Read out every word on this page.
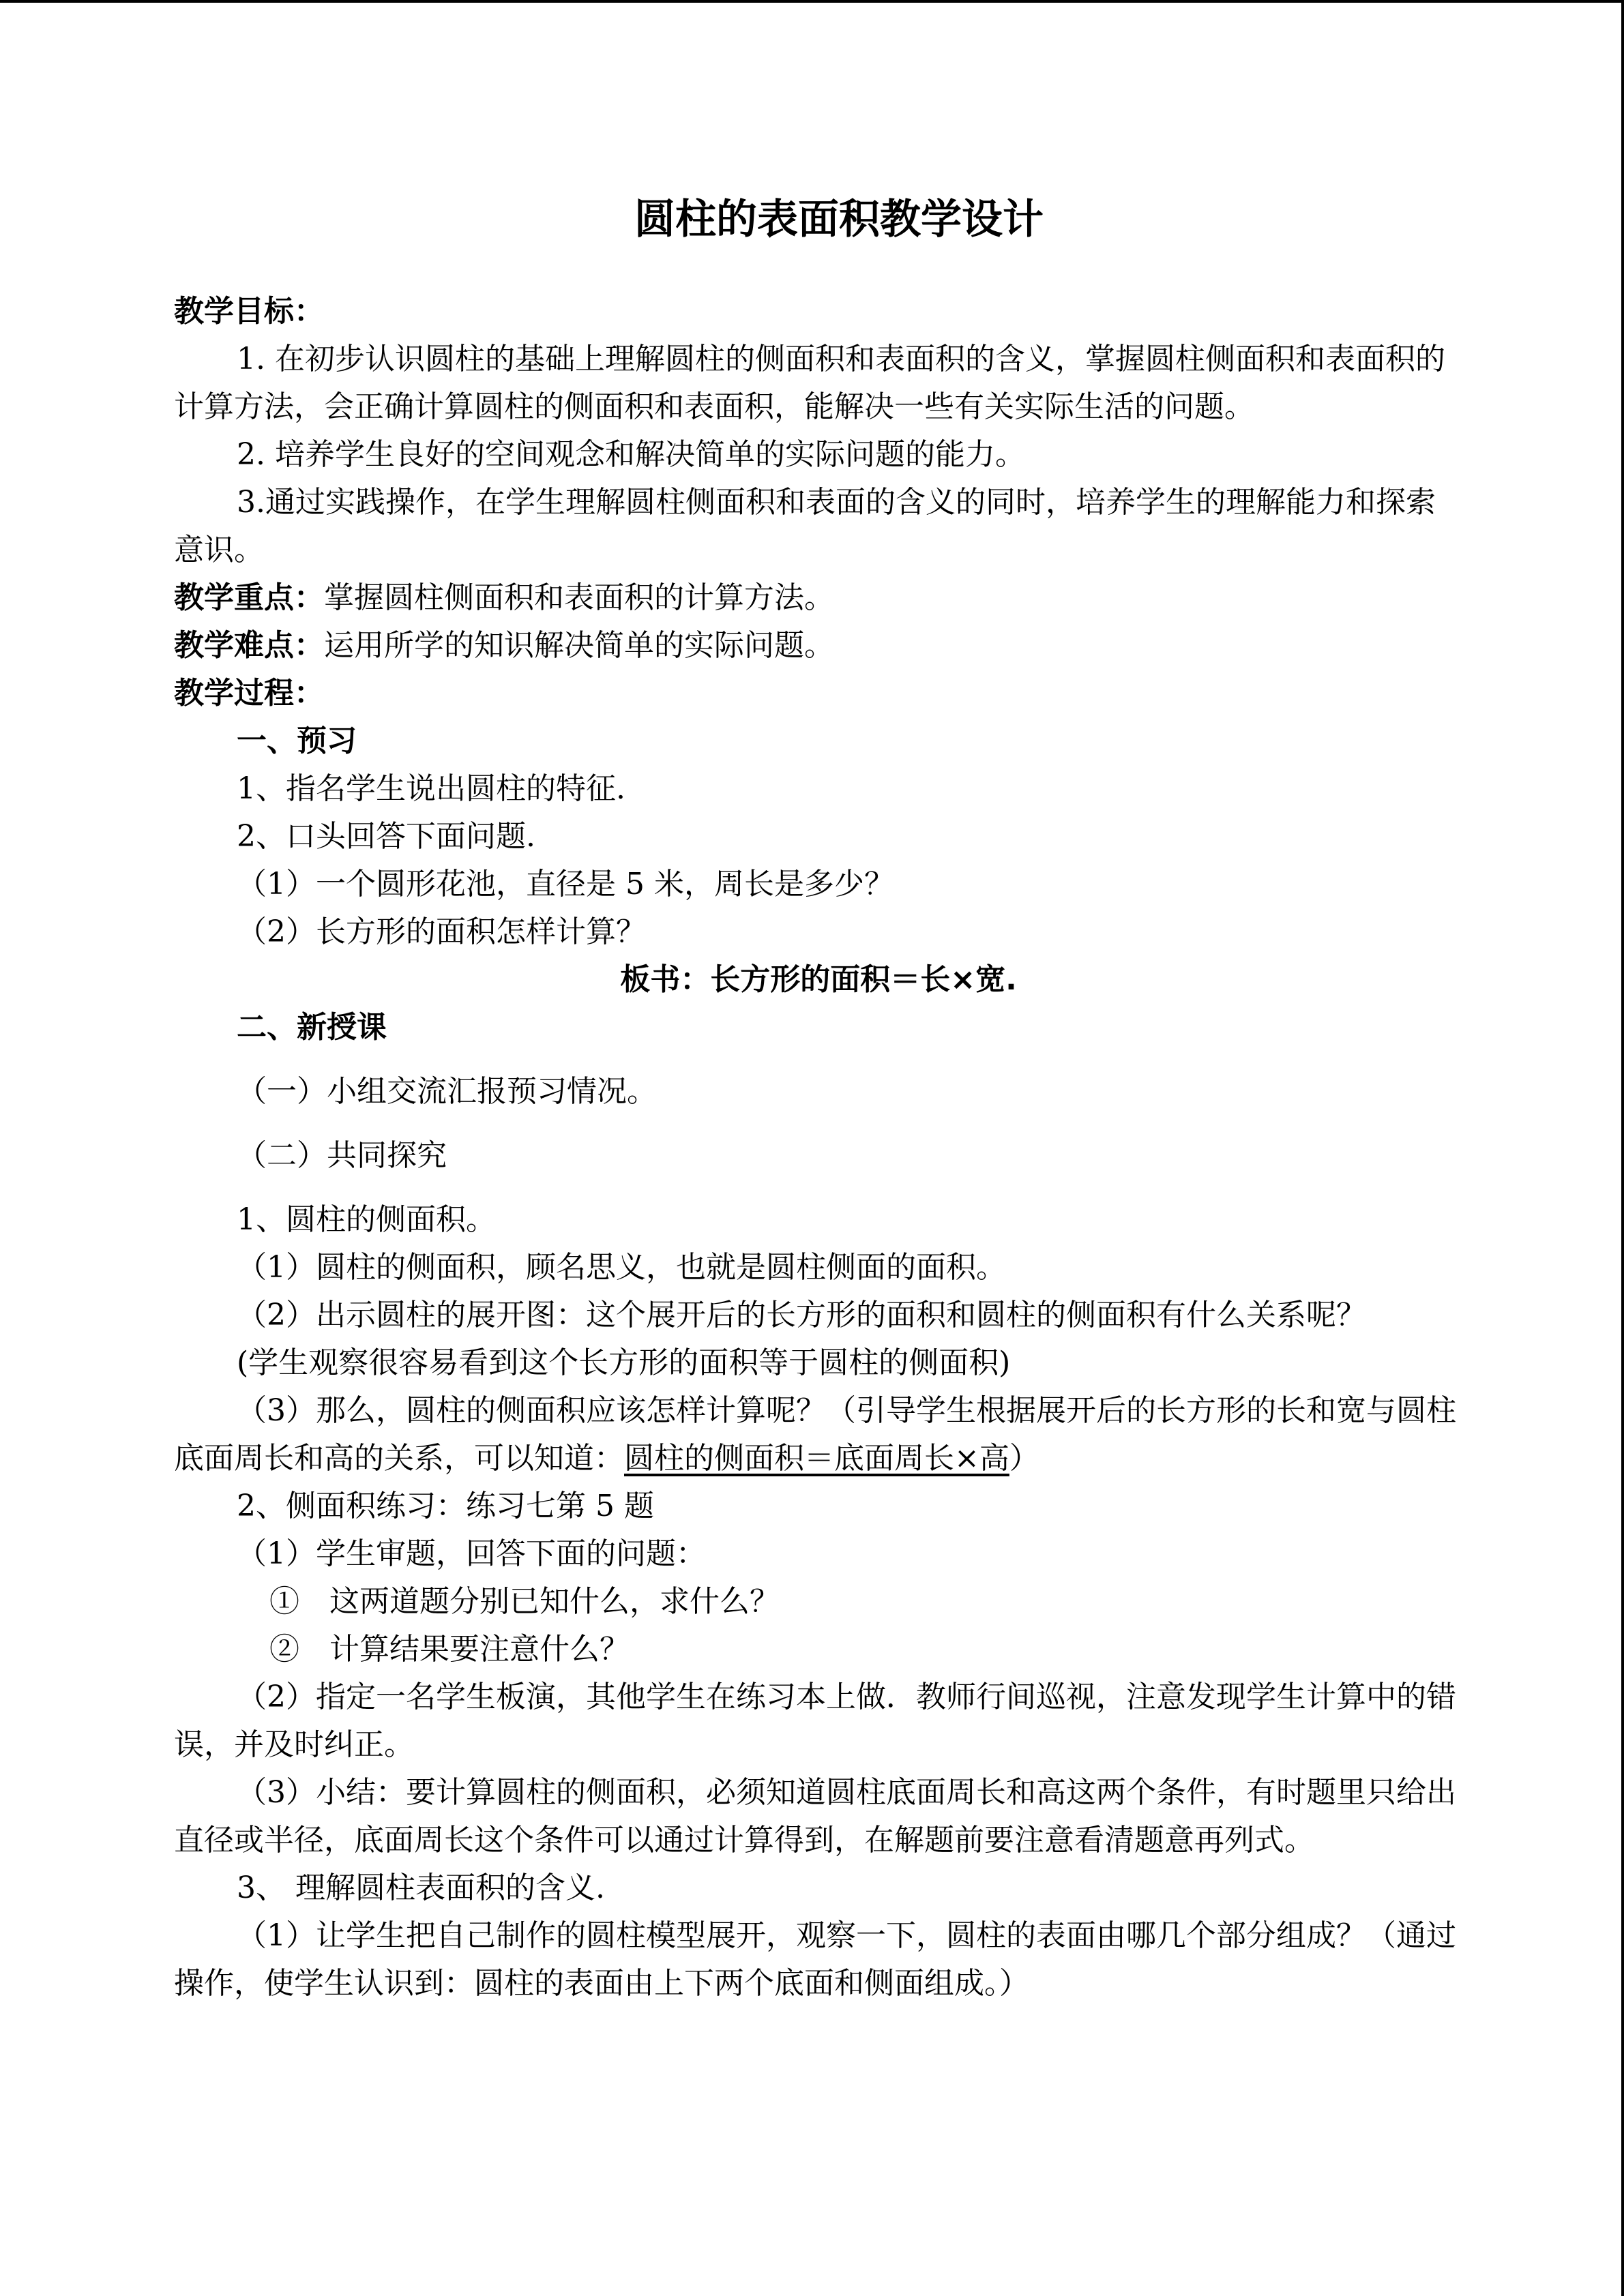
圆柱的表面积教学设计

教学目标：

1. 在初步认识圆柱的基础上理解圆柱的侧面积和表面积的含义，掌握圆柱侧面积和表面积的计算方法，会正确计算圆柱的侧面积和表面积，能解决一些有关实际生活的问题。

2. 培养学生良好的空间观念和解决简单的实际问题的能力。

3.通过实践操作，在学生理解圆柱侧面积和表面的含义的同时，培养学生的理解能力和探索意识。

教学重点：掌握圆柱侧面积和表面积的计算方法。

教学难点：运用所学的知识解决简单的实际问题。

教学过程：

一、预习

1、指名学生说出圆柱的特征.

2、口头回答下面问题.

（1）一个圆形花池，直径是 5 米，周长是多少？

（2）长方形的面积怎样计算？

板书：长方形的面积＝长×宽.

二、新授课

（一）小组交流汇报预习情况。

（二）共同探究

1、圆柱的侧面积。

（1）圆柱的侧面积，顾名思义，也就是圆柱侧面的面积。

（2）出示圆柱的展开图：这个展开后的长方形的面积和圆柱的侧面积有什么关系呢？

(学生观察很容易看到这个长方形的面积等于圆柱的侧面积)

（3）那么，圆柱的侧面积应该怎样计算呢？（引导学生根据展开后的长方形的长和宽与圆柱底面周长和高的关系，可以知道：圆柱的侧面积＝底面周长×高）

2、侧面积练习：练习七第 5 题

（1）学生审题，回答下面的问题：

①　这两道题分别已知什么，求什么？

②　计算结果要注意什么？

（2）指定一名学生板演，其他学生在练习本上做．教师行间巡视，注意发现学生计算中的错误，并及时纠正。

（3）小结：要计算圆柱的侧面积，必须知道圆柱底面周长和高这两个条件，有时题里只给出直径或半径，底面周长这个条件可以通过计算得到，在解题前要注意看清题意再列式。

3、 理解圆柱表面积的含义.

（1）让学生把自己制作的圆柱模型展开，观察一下，圆柱的表面由哪几个部分组成？（通过操作，使学生认识到：圆柱的表面由上下两个底面和侧面组成。）
